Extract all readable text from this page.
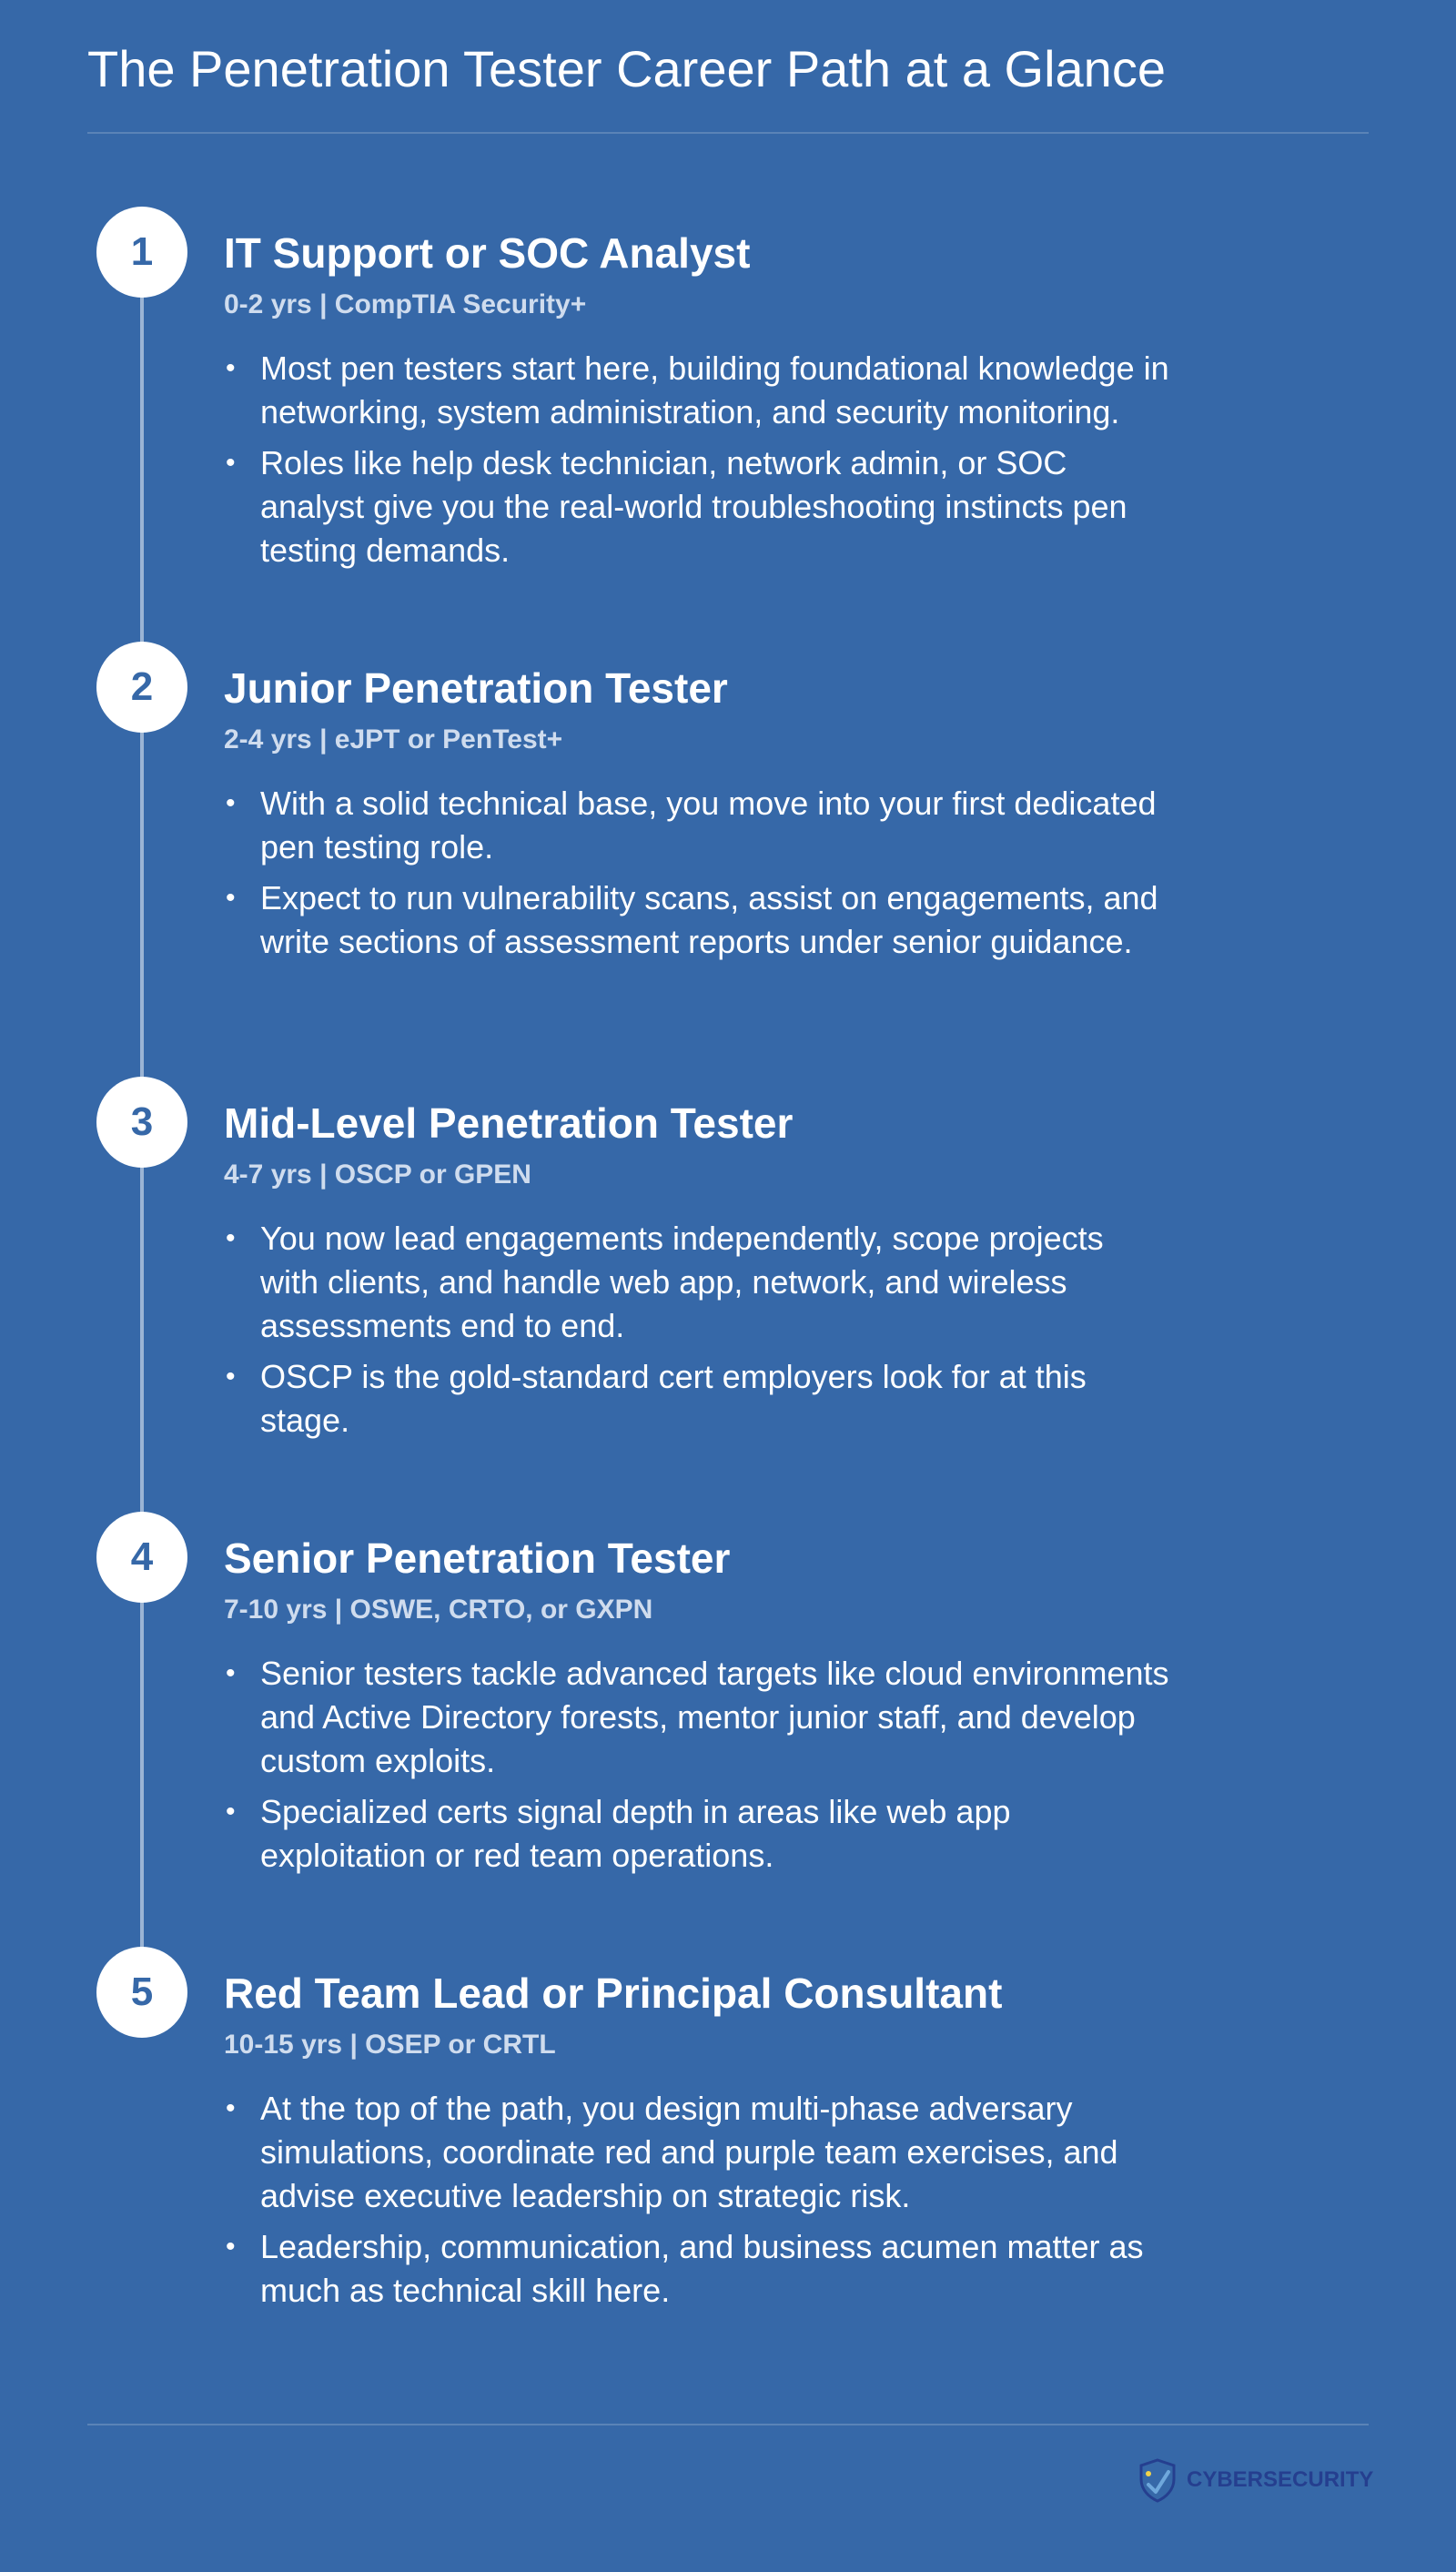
The Penetration Tester Career Path at a Glance
1	IT Support or SOC Analyst
0-2 yrs | CompTIA Security+
• Most pen testers start here, building foundational knowledge in networking, system administration, and security monitoring.
• Roles like help desk technician, network admin, or SOC analyst give you the real-world troubleshooting instincts pen testing demands.
2	Junior Penetration Tester
2-4 yrs | eJPT or PenTest+
• With a solid technical base, you move into your first dedicated pen testing role.
• Expect to run vulnerability scans, assist on engagements, and write sections of assessment reports under senior guidance.
3	Mid-Level Penetration Tester
4-7 yrs | OSCP or GPEN
• You now lead engagements independently, scope projects with clients, and handle web app, network, and wireless assessments end to end.
• OSCP is the gold-standard cert employers look for at this stage.
4	Senior Penetration Tester
7-10 yrs | OSWE, CRTO, or GXPN
• Senior testers tackle advanced targets like cloud environments and Active Directory forests, mentor junior staff, and develop custom exploits.
• Specialized certs signal depth in areas like web app exploitation or red team operations.
5	Red Team Lead or Principal Consultant
10-15 yrs | OSEP or CRTL
• At the top of the path, you design multi-phase adversary simulations, coordinate red and purple team exercises, and advise executive leadership on strategic risk.
• Leadership, communication, and business acumen matter as much as technical skill here.
CYBERSECURITY
